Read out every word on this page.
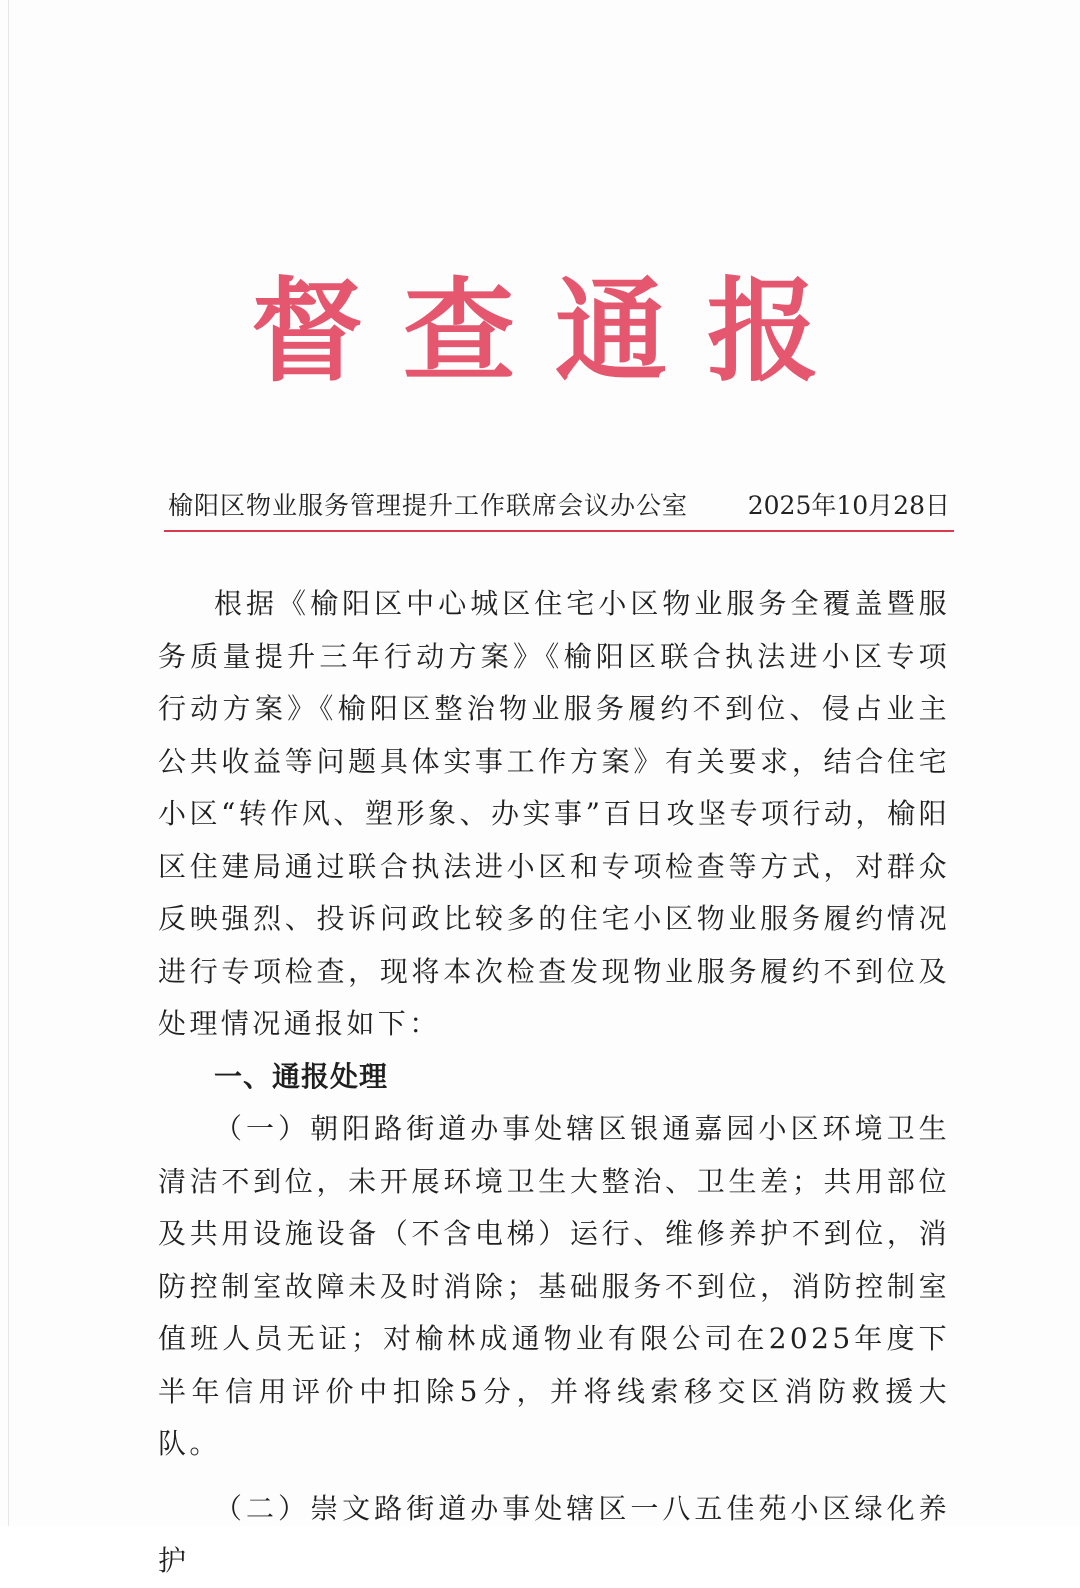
督查通报
榆阳区物业服务管理提升工作联席会议办公室 2025年10月28日

根据《榆阳区中心城区住宅小区物业服务全覆盖暨服务质量提升三年行动方案》《榆阳区联合执法进小区专项行动方案》《榆阳区整治物业服务履约不到位、侵占业主公共收益等问题具体实事工作方案》有关要求，结合住宅小区“转作风、塑形象、办实事”百日攻坚专项行动，榆阳区住建局通过联合执法进小区和专项检查等方式，对群众反映强烈、投诉问政比较多的住宅小区物业服务履约情况进行专项检查，现将本次检查发现物业服务履约不到位及处理情况通报如下：

一、通报处理

（一）朝阳路街道办事处辖区银通嘉园小区环境卫生清洁不到位，未开展环境卫生大整治、卫生差；共用部位及共用设施设备（不含电梯）运行、维修养护不到位，消防控制室故障未及时消除；基础服务不到位，消防控制室值班人员无证；对榆林成通物业有限公司在2025年度下半年信用评价中扣除5分，并将线索移交区消防救援大队。

（二）崇文路街道办事处辖区一八五佳苑小区绿化养护
